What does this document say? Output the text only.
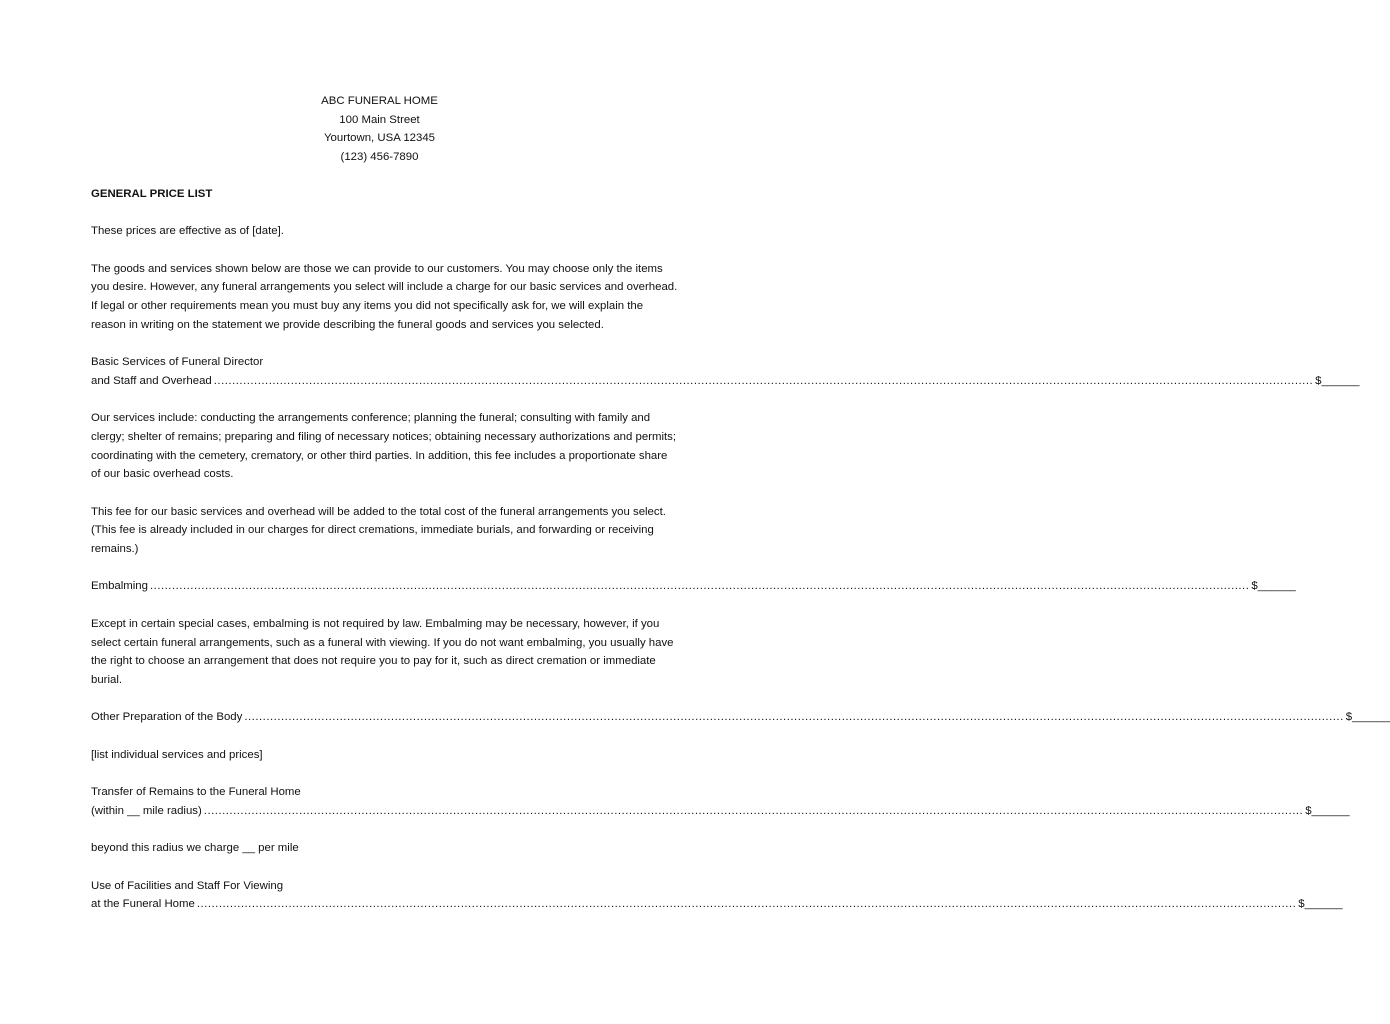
ABC FUNERAL HOME
100 Main Street
Yourtown, USA 12345
(123) 456-7890
GENERAL PRICE LIST

These prices are effective as of [date].

The goods and services shown below are those we can provide to our customers. You may choose only the items you desire. However, any funeral arrangements you select will include a charge for our basic services and overhead. If legal or other requirements mean you must buy any items you did not specifically ask for, we will explain the reason in writing on the statement we provide describing the funeral goods and services you selected.

Basic Services of Funeral Director
and Staff and Overhead ............................................................................................................................................................................................................................................................................................................ $______

Our services include: conducting the arrangements conference; planning the funeral; consulting with family and clergy; shelter of remains; preparing and filing of necessary notices; obtaining necessary authorizations and permits; coordinating with the cemetery, crematory, or other third parties. In addition, this fee includes a proportionate share of our basic overhead costs.

This fee for our basic services and overhead will be added to the total cost of the funeral arrangements you select. (This fee is already included in our charges for direct cremations, immediate burials, and forwarding or receiving remains.)

Embalming ............................................................................................................................................................................................................................................................................................................ $______

Except in certain special cases, embalming is not required by law. Embalming may be necessary, however, if you select certain funeral arrangements, such as a funeral with viewing. If you do not want embalming, you usually have the right to choose an arrangement that does not require you to pay for it, such as direct cremation or immediate burial.

Other Preparation of the Body ............................................................................................................................................................................................................................................................................................................ $______

[list individual services and prices]

Transfer of Remains to the Funeral Home
(within __ mile radius) ............................................................................................................................................................................................................................................................................................................ $______

beyond this radius we charge __ per mile

Use of Facilities and Staff For Viewing
at the Funeral Home ............................................................................................................................................................................................................................................................................................................ $______
